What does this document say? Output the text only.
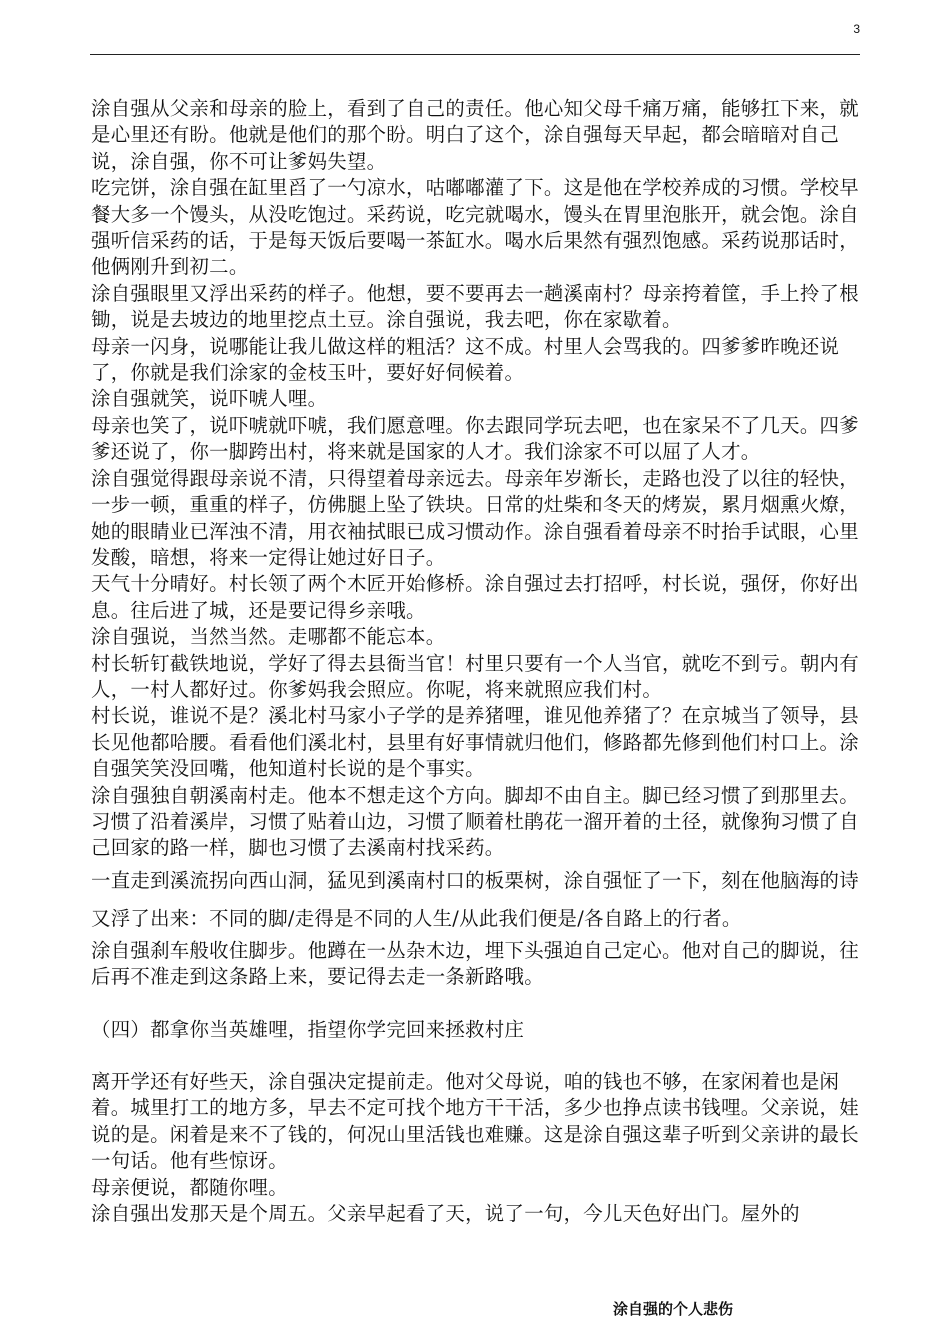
3

涂自强从父亲和母亲的脸上，看到了自己的责任。他心知父母千痛万痛，能够扛下来，就是心里还有盼。他就是他们的那个盼。明白了这个，涂自强每天早起，都会暗暗对自己说，涂自强，你不可让爹妈失望。

吃完饼，涂自强在缸里舀了一勺凉水，咕嘟嘟灌了下。这是他在学校养成的习惯。学校早餐大多一个馒头，从没吃饱过。采药说，吃完就喝水，馒头在胃里泡胀开，就会饱。涂自强听信采药的话，于是每天饭后要喝一茶缸水。喝水后果然有强烈饱感。采药说那话时，他俩刚升到初二。

涂自强眼里又浮出采药的样子。他想，要不要再去一趟溪南村？母亲挎着筐，手上拎了根锄，说是去坡边的地里挖点土豆。涂自强说，我去吧，你在家歇着。

母亲一闪身，说哪能让我儿做这样的粗活？这不成。村里人会骂我的。四爹爹昨晚还说了，你就是我们涂家的金枝玉叶，要好好伺候着。

涂自强就笑，说吓唬人哩。

母亲也笑了，说吓唬就吓唬，我们愿意哩。你去跟同学玩去吧，也在家呆不了几天。四爹爹还说了，你一脚跨出村，将来就是国家的人才。我们涂家不可以屈了人才。

涂自强觉得跟母亲说不清，只得望着母亲远去。母亲年岁渐长，走路也没了以往的轻快，一步一顿，重重的样子，仿佛腿上坠了铁块。日常的灶柴和冬天的烤炭，累月烟熏火燎，她的眼睛业已浑浊不清，用衣袖拭眼已成习惯动作。涂自强看着母亲不时抬手试眼，心里发酸，暗想，将来一定得让她过好日子。

天气十分晴好。村长领了两个木匠开始修桥。涂自强过去打招呼，村长说，强伢，你好出息。往后进了城，还是要记得乡亲哦。

涂自强说，当然当然。走哪都不能忘本。

村长斩钉截铁地说，学好了得去县衙当官！村里只要有一个人当官，就吃不到亏。朝内有人，一村人都好过。你爹妈我会照应。你呢，将来就照应我们村。

村长说，谁说不是？溪北村马家小子学的是养猪哩，谁见他养猪了？在京城当了领导，县长见他都哈腰。看看他们溪北村，县里有好事情就归他们，修路都先修到他们村口上。涂自强笑笑没回嘴，他知道村长说的是个事实。

涂自强独自朝溪南村走。他本不想走这个方向。脚却不由自主。脚已经习惯了到那里去。习惯了沿着溪岸，习惯了贴着山边，习惯了顺着杜鹃花一溜开着的土径，就像狗习惯了自己回家的路一样，脚也习惯了去溪南村找采药。

一直走到溪流拐向西山洞，猛见到溪南村口的板栗树，涂自强怔了一下，刻在他脑海的诗又浮了出来：不同的脚/走得是不同的人生/从此我们便是/各自路上的行者。

涂自强刹车般收住脚步。他蹲在一丛杂木边，埋下头强迫自己定心。他对自己的脚说，往后再不准走到这条路上来，要记得去走一条新路哦。

（四）都拿你当英雄哩，指望你学完回来拯救村庄

离开学还有好些天，涂自强决定提前走。他对父母说，咱的钱也不够，在家闲着也是闲着。城里打工的地方多，早去不定可找个地方干干活，多少也挣点读书钱哩。父亲说，娃说的是。闲着是来不了钱的，何况山里活钱也难赚。这是涂自强这辈子听到父亲讲的最长一句话。他有些惊讶。

母亲便说，都随你哩。

涂自强出发那天是个周五。父亲早起看了天，说了一句，今儿天色好出门。屋外的

涂自强的个人悲伤
